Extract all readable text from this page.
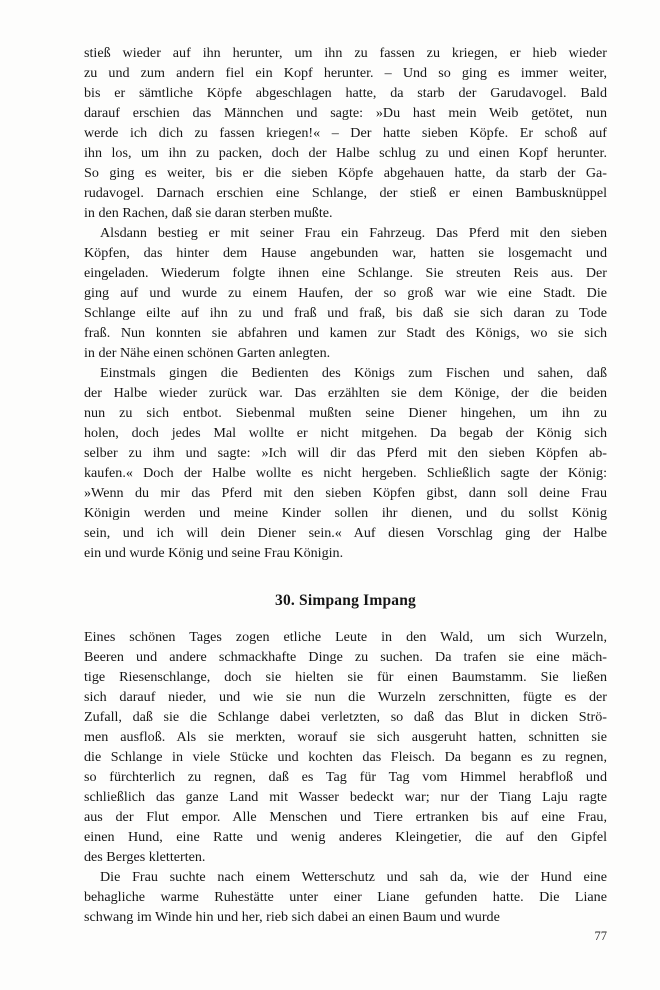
stieß wieder auf ihn herunter, um ihn zu fassen zu kriegen, er hieb wieder
zu und zum andern fiel ein Kopf herunter. – Und so ging es immer weiter,
bis er sämtliche Köpfe abgeschlagen hatte, da starb der Garudavogel. Bald
darauf erschien das Männchen und sagte: »Du hast mein Weib getötet, nun
werde ich dich zu fassen kriegen!« – Der hatte sieben Köpfe. Er schoß auf
ihn los, um ihn zu packen, doch der Halbe schlug zu und einen Kopf herunter.
So ging es weiter, bis er die sieben Köpfe abgehauen hatte, da starb der Ga-
rudavogel. Darnach erschien eine Schlange, der stieß er einen Bambusknüppel
in den Rachen, daß sie daran sterben mußte.
Alsdann bestieg er mit seiner Frau ein Fahrzeug. Das Pferd mit den sieben
Köpfen, das hinter dem Hause angebunden war, hatten sie losgemacht und
eingeladen. Wiederum folgte ihnen eine Schlange. Sie streuten Reis aus. Der
ging auf und wurde zu einem Haufen, der so groß war wie eine Stadt. Die
Schlange eilte auf ihn zu und fraß und fraß, bis daß sie sich daran zu Tode
fraß. Nun konnten sie abfahren und kamen zur Stadt des Königs, wo sie sich
in der Nähe einen schönen Garten anlegten.
Einstmals gingen die Bedienten des Königs zum Fischen und sahen, daß
der Halbe wieder zurück war. Das erzählten sie dem Könige, der die beiden
nun zu sich entbot. Siebenmal mußten seine Diener hingehen, um ihn zu
holen, doch jedes Mal wollte er nicht mitgehen. Da begab der König sich
selber zu ihm und sagte: »Ich will dir das Pferd mit den sieben Köpfen ab-
kaufen.« Doch der Halbe wollte es nicht hergeben. Schließlich sagte der König:
»Wenn du mir das Pferd mit den sieben Köpfen gibst, dann soll deine Frau
Königin werden und meine Kinder sollen ihr dienen, und du sollst König
sein, und ich will dein Diener sein.« Auf diesen Vorschlag ging der Halbe
ein und wurde König und seine Frau Königin.
30. Simpang Impang
Eines schönen Tages zogen etliche Leute in den Wald, um sich Wurzeln,
Beeren und andere schmackhafte Dinge zu suchen. Da trafen sie eine mäch-
tige Riesenschlange, doch sie hielten sie für einen Baumstamm. Sie ließen
sich darauf nieder, und wie sie nun die Wurzeln zerschnitten, fügte es der
Zufall, daß sie die Schlange dabei verletzten, so daß das Blut in dicken Strö-
men ausfloß. Als sie merkten, worauf sie sich ausgeruht hatten, schnitten sie
die Schlange in viele Stücke und kochten das Fleisch. Da begann es zu regnen,
so fürchterlich zu regnen, daß es Tag für Tag vom Himmel herabfloß und
schließlich das ganze Land mit Wasser bedeckt war; nur der Tiang Laju ragte
aus der Flut empor. Alle Menschen und Tiere ertranken bis auf eine Frau,
einen Hund, eine Ratte und wenig anderes Kleingetier, die auf den Gipfel
des Berges kletterten.
Die Frau suchte nach einem Wetterschutz und sah da, wie der Hund eine
behagliche warme Ruhestätte unter einer Liane gefunden hatte. Die Liane
schwang im Winde hin und her, rieb sich dabei an einen Baum und wurde
77
